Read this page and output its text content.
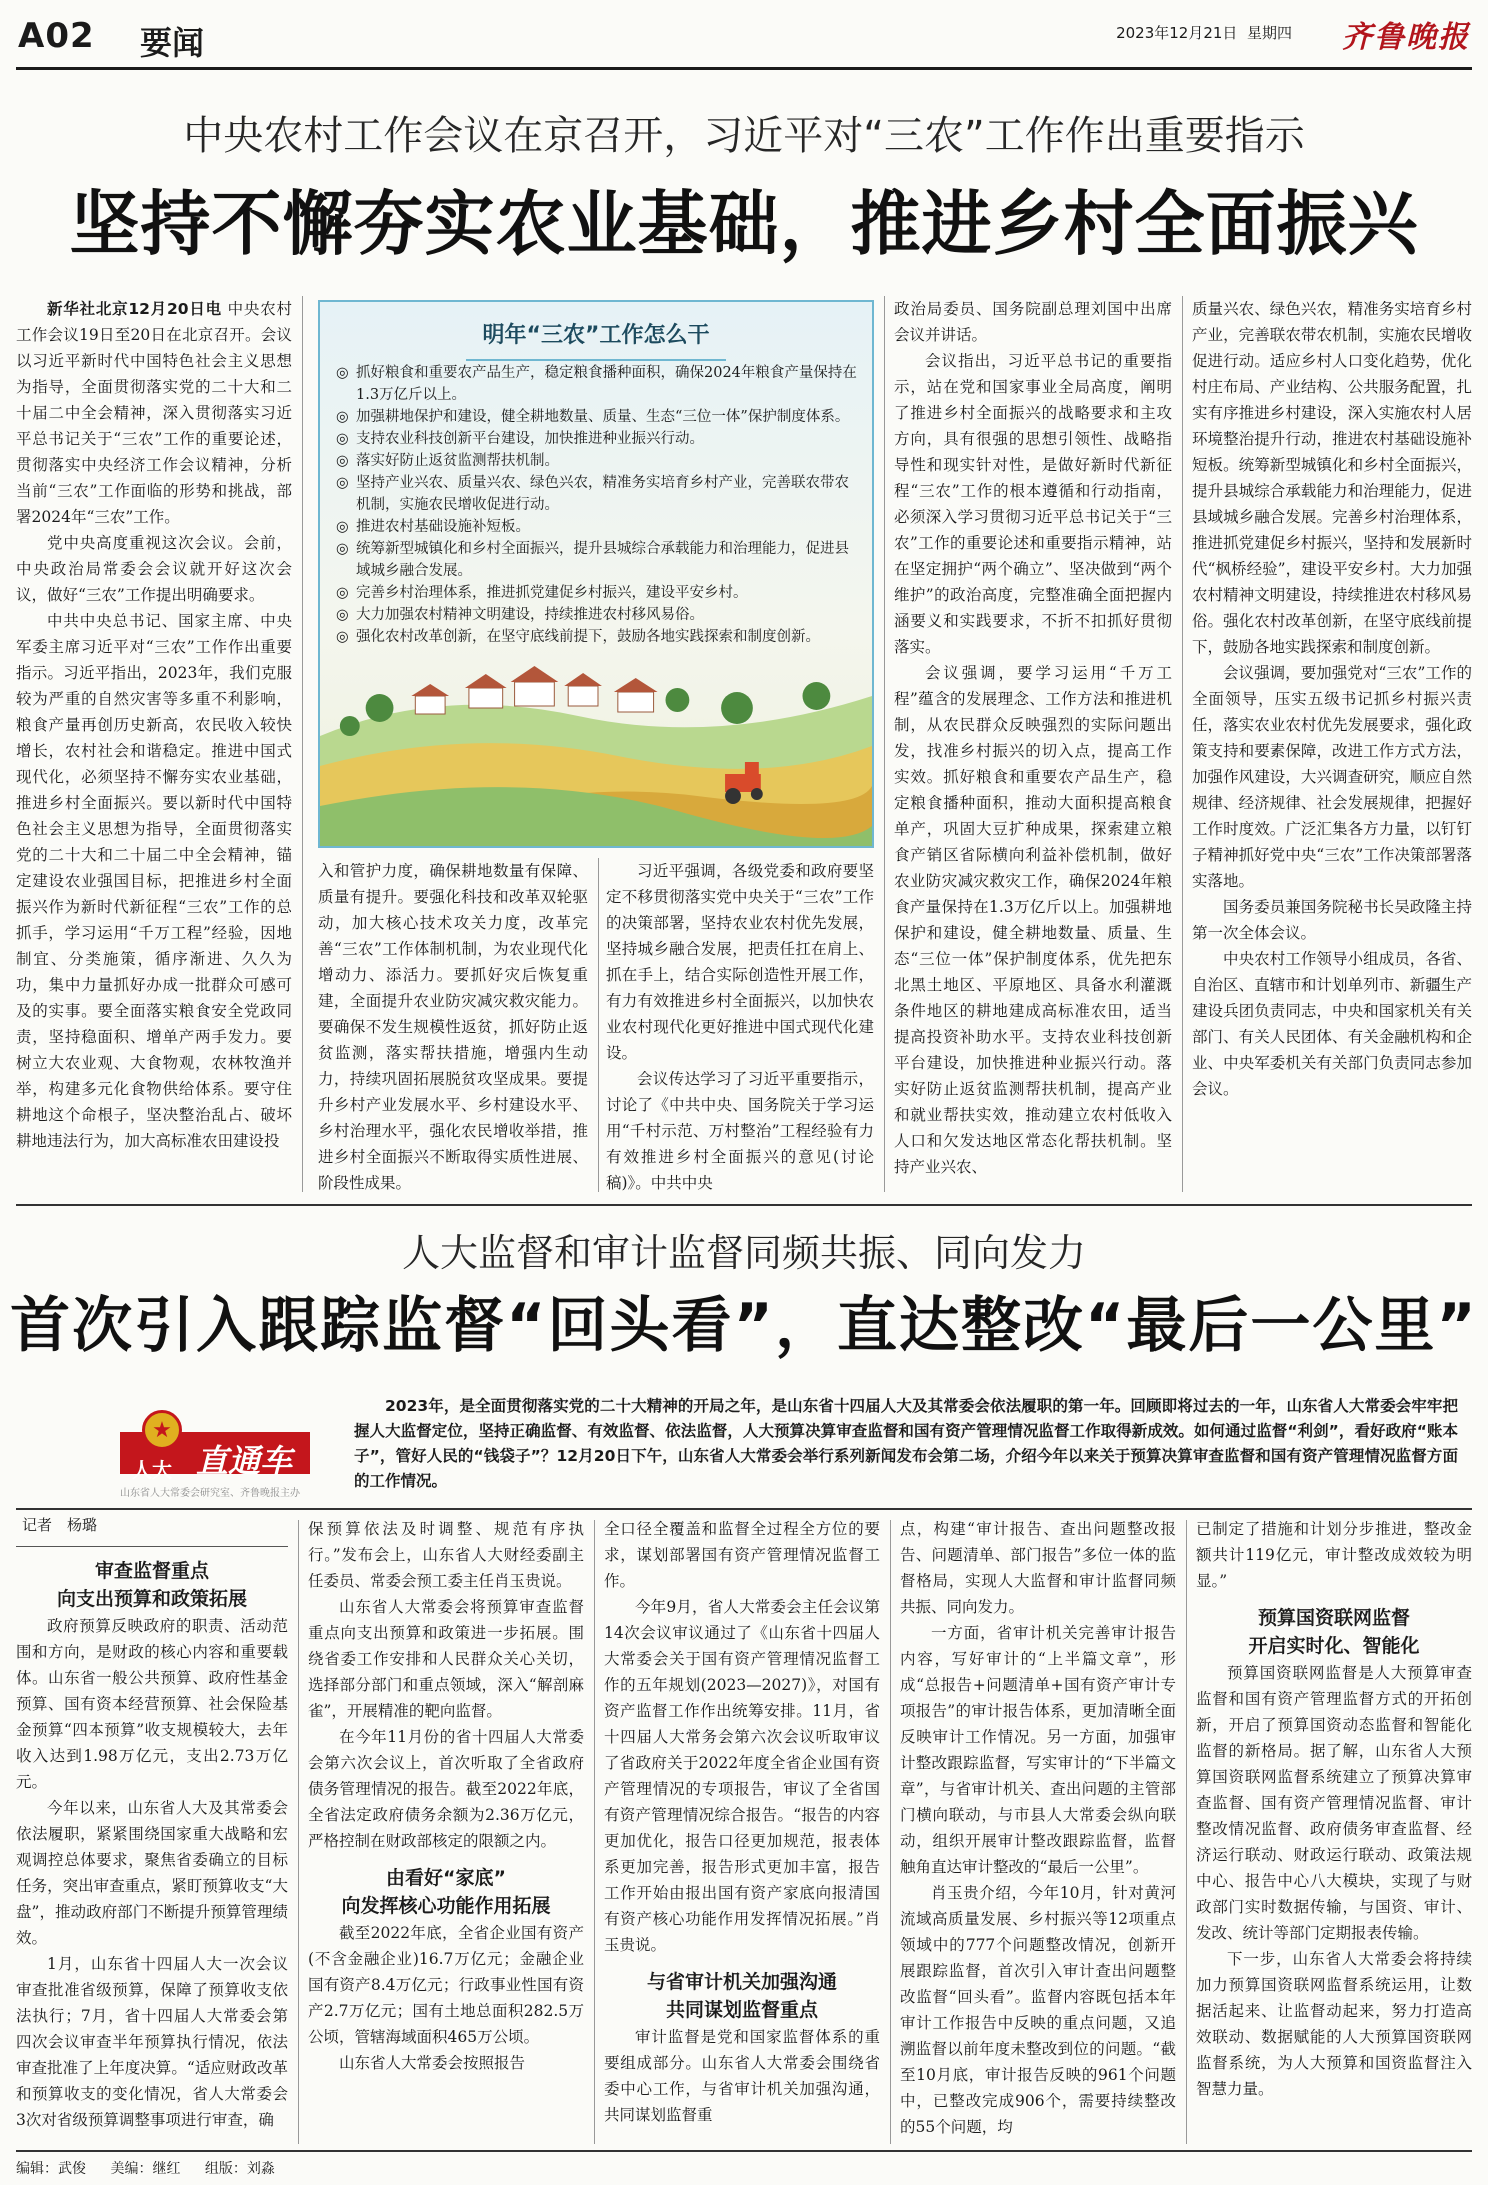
A02 要闻	2023年12月21日 星期四 齐鲁晚报
中央农村工作会议在京召开，习近平对“三农”工作作出重要指示
坚持不懈夯实农业基础，推进乡村全面振兴

新华社北京12月20日电 中央农村工作会议19日至20日在北京召开。会议以习近平新时代中国特色社会主义思想为指导，全面贯彻落实党的二十大和二十届二中全会精神，深入贯彻落实习近平总书记关于“三农”工作的重要论述，贯彻落实中央经济工作会议精神，分析当前“三农”工作面临的形势和挑战，部署2024年“三农”工作。

党中央高度重视这次会议。会前，中央政治局常委会会议就开好这次会议，做好“三农”工作提出明确要求。

中共中央总书记、国家主席、中央军委主席习近平对“三农”工作作出重要指示。习近平指出，2023年，我们克服较为严重的自然灾害等多重不利影响，粮食产量再创历史新高，农民收入较快增长，农村社会和谐稳定。推进中国式现代化，必须坚持不懈夯实农业基础，推进乡村全面振兴。要以新时代中国特色社会主义思想为指导，全面贯彻落实党的二十大和二十届二中全会精神，锚定建设农业强国目标，把推进乡村全面振兴作为新时代新征程“三农”工作的总抓手，学习运用“千万工程”经验，因地制宜、分类施策，循序渐进、久久为功，集中力量抓好办成一批群众可感可及的实事。要全面落实粮食安全党政同责，坚持稳面积、增单产两手发力。要树立大农业观、大食物观，农林牧渔并举，构建多元化食物供给体系。要守住耕地这个命根子，坚决整治乱占、破坏耕地违法行为，加大高标准农田建设投

明年“三农”工作怎么干
◎ 抓好粮食和重要农产品生产，稳定粮食播种面积，确保2024年粮食产量保持在1.3万亿斤以上。
◎ 加强耕地保护和建设，健全耕地数量、质量、生态“三位一体”保护制度体系。
◎ 支持农业科技创新平台建设，加快推进种业振兴行动。
◎ 落实好防止返贫监测帮扶机制。
◎ 坚持产业兴农、质量兴农、绿色兴农，精准务实培育乡村产业，完善联农带农机制，实施农民增收促进行动。
◎ 推进农村基础设施补短板。
◎ 统筹新型城镇化和乡村全面振兴，提升县城综合承载能力和治理能力，促进县域城乡融合发展。
◎ 完善乡村治理体系，推进抓党建促乡村振兴，建设平安乡村。
◎ 大力加强农村精神文明建设，持续推进农村移风易俗。
◎ 强化农村改革创新，在坚守底线前提下，鼓励各地实践探索和制度创新。

入和管护力度，确保耕地数量有保障、质量有提升。要强化科技和改革双轮驱动，加大核心技术攻关力度，改革完善“三农”工作体制机制，为农业现代化增动力、添活力。要抓好灾后恢复重建，全面提升农业防灾减灾救灾能力。要确保不发生规模性返贫，抓好防止返贫监测，落实帮扶措施，增强内生动力，持续巩固拓展脱贫攻坚成果。要提升乡村产业发展水平、乡村建设水平、乡村治理水平，强化农民增收举措，推进乡村全面振兴不断取得实质性进展、阶段性成果。

习近平强调，各级党委和政府要坚定不移贯彻落实党中央关于“三农”工作的决策部署，坚持农业农村优先发展，坚持城乡融合发展，把责任扛在肩上、抓在手上，结合实际创造性开展工作，有力有效推进乡村全面振兴，以加快农业农村现代化更好推进中国式现代化建设。

会议传达学习了习近平重要指示，讨论了《中共中央、国务院关于学习运用“千村示范、万村整治”工程经验有力有效推进乡村全面振兴的意见(讨论稿)》。中共中央

政治局委员、国务院副总理刘国中出席会议并讲话。

会议指出，习近平总书记的重要指示，站在党和国家事业全局高度，阐明了推进乡村全面振兴的战略要求和主攻方向，具有很强的思想引领性、战略指导性和现实针对性，是做好新时代新征程“三农”工作的根本遵循和行动指南，必须深入学习贯彻习近平总书记关于“三农”工作的重要论述和重要指示精神，站在坚定拥护“两个确立”、坚决做到“两个维护”的政治高度，完整准确全面把握内涵要义和实践要求，不折不扣抓好贯彻落实。

会议强调，要学习运用“千万工程”蕴含的发展理念、工作方法和推进机制，从农民群众反映强烈的实际问题出发，找准乡村振兴的切入点，提高工作实效。抓好粮食和重要农产品生产，稳定粮食播种面积，推动大面积提高粮食单产，巩固大豆扩种成果，探索建立粮食产销区省际横向利益补偿机制，做好农业防灾减灾救灾工作，确保2024年粮食产量保持在1.3万亿斤以上。加强耕地保护和建设，健全耕地数量、质量、生态“三位一体”保护制度体系，优先把东北黑土地区、平原地区、具备水利灌溉条件地区的耕地建成高标准农田，适当提高投资补助水平。支持农业科技创新平台建设，加快推进种业振兴行动。落实好防止返贫监测帮扶机制，提高产业和就业帮扶实效，推动建立农村低收入人口和欠发达地区常态化帮扶机制。坚持产业兴农、

质量兴农、绿色兴农，精准务实培育乡村产业，完善联农带农机制，实施农民增收促进行动。适应乡村人口变化趋势，优化村庄布局、产业结构、公共服务配置，扎实有序推进乡村建设，深入实施农村人居环境整治提升行动，推进农村基础设施补短板。统筹新型城镇化和乡村全面振兴，提升县城综合承载能力和治理能力，促进县域城乡融合发展。完善乡村治理体系，推进抓党建促乡村振兴，坚持和发展新时代“枫桥经验”，建设平安乡村。大力加强农村精神文明建设，持续推进农村移风易俗。强化农村改革创新，在坚守底线前提下，鼓励各地实践探索和制度创新。

会议强调，要加强党对“三农”工作的全面领导，压实五级书记抓乡村振兴责任，落实农业农村优先发展要求，强化政策支持和要素保障，改进工作方式方法，加强作风建设，大兴调查研究，顺应自然规律、经济规律、社会发展规律，把握好工作时度效。广泛汇集各方力量，以钉钉子精神抓好党中央“三农”工作决策部署落实落地。

国务委员兼国务院秘书长吴政隆主持第一次全体会议。

中央农村工作领导小组成员，各省、自治区、直辖市和计划单列市、新疆生产建设兵团负责同志，中央和国家机关有关部门、有关人民团体、有关金融机构和企业、中央军委机关有关部门负责同志参加会议。

人大监督和审计监督同频共振、同向发力
首次引入跟踪监督“回头看”，直达整改“最后一公里”
★
人大 直通车
山东省人大常委会研究室、齐鲁晚报主办
2023年，是全面贯彻落实党的二十大精神的开局之年，是山东省十四届人大及其常委会依法履职的第一年。回顾即将过去的一年，山东省人大常委会牢牢把握人大监督定位，坚持正确监督、有效监督、依法监督，人大预算决算审查监督和国有资产管理情况监督工作取得新成效。如何通过监督“利剑”，看好政府“账本子”，管好人民的“钱袋子”？12月20日下午，山东省人大常委会举行系列新闻发布会第二场，介绍今年以来关于预算决算审查监督和国有资产管理情况监督方面的工作情况。
记者　杨璐

审查监督重点
向支出预算和政策拓展

政府预算反映政府的职责、活动范围和方向，是财政的核心内容和重要载体。山东省一般公共预算、政府性基金预算、国有资本经营预算、社会保险基金预算“四本预算”收支规模较大，去年收入达到1.98万亿元，支出2.73万亿元。

今年以来，山东省人大及其常委会依法履职，紧紧围绕国家重大战略和宏观调控总体要求，聚焦省委确立的目标任务，突出审查重点，紧盯预算收支“大盘”，推动政府部门不断提升预算管理绩效。

1月，山东省十四届人大一次会议审查批准省级预算，保障了预算收支依法执行；7月，省十四届人大常委会第四次会议审查半年预算执行情况，依法审查批准了上年度决算。“适应财政改革和预算收支的变化情况，省人大常委会3次对省级预算调整事项进行审查，确

保预算依法及时调整、规范有序执行。”发布会上，山东省人大财经委副主任委员、常委会预工委主任肖玉贵说。

山东省人大常委会将预算审查监督重点向支出预算和政策进一步拓展。围绕省委工作安排和人民群众关心关切，选择部分部门和重点领域，深入“解剖麻雀”，开展精准的靶向监督。

在今年11月份的省十四届人大常委会第六次会议上，首次听取了全省政府债务管理情况的报告。截至2022年底，全省法定政府债务余额为2.36万亿元，严格控制在财政部核定的限额之内。

由看好“家底”
向发挥核心功能作用拓展

截至2022年底，全省企业国有资产(不含金融企业)16.7万亿元；金融企业国有资产8.4万亿元；行政事业性国有资产2.7万亿元；国有土地总面积282.5万公顷，管辖海域面积465万公顷。

山东省人大常委会按照报告

全口径全覆盖和监督全过程全方位的要求，谋划部署国有资产管理情况监督工作。

今年9月，省人大常委会主任会议第14次会议审议通过了《山东省十四届人大常委会关于国有资产管理情况监督工作的五年规划(2023—2027)》，对国有资产监督工作作出统筹安排。11月，省十四届人大常务会第六次会议听取审议了省政府关于2022年度全省企业国有资产管理情况的专项报告，审议了全省国有资产管理情况综合报告。“报告的内容更加优化，报告口径更加规范，报表体系更加完善，报告形式更加丰富，报告工作开始由报出国有资产家底向报清国有资产核心功能作用发挥情况拓展。”肖玉贵说。

与省审计机关加强沟通
共同谋划监督重点

审计监督是党和国家监督体系的重要组成部分。山东省人大常委会围绕省委中心工作，与省审计机关加强沟通，共同谋划监督重

点，构建“审计报告、查出问题整改报告、问题清单、部门报告”多位一体的监督格局，实现人大监督和审计监督同频共振、同向发力。

一方面，省审计机关完善审计报告内容，写好审计的“上半篇文章”，形成“总报告+问题清单+国有资产审计专项报告”的审计报告体系，更加清晰全面反映审计工作情况。另一方面，加强审计整改跟踪监督，写实审计的“下半篇文章”，与省审计机关、查出问题的主管部门横向联动，与市县人大常委会纵向联动，组织开展审计整改跟踪监督，监督触角直达审计整改的“最后一公里”。

肖玉贵介绍，今年10月，针对黄河流域高质量发展、乡村振兴等12项重点领域中的777个问题整改情况，创新开展跟踪监督，首次引入审计查出问题整改监督“回头看”。监督内容既包括本年审计工作报告中反映的重点问题，又追溯监督以前年度未整改到位的问题。“截至10月底，审计报告反映的961个问题中，已整改完成906个，需要持续整改的55个问题，均

已制定了措施和计划分步推进，整改金额共计119亿元，审计整改成效较为明显。”

预算国资联网监督
开启实时化、智能化

预算国资联网监督是人大预算审查监督和国有资产管理监督方式的开拓创新，开启了预算国资动态监督和智能化监督的新格局。据了解，山东省人大预算国资联网监督系统建立了预算决算审查监督、国有资产管理情况监督、审计整改情况监督、政府债务审查监督、经济运行联动、财政运行联动、政策法规中心、报告中心八大模块，实现了与财政部门实时数据传输，与国资、审计、发改、统计等部门定期报表传输。

下一步，山东省人大常委会将持续加力预算国资联网监督系统运用，让数据活起来、让监督动起来，努力打造高效联动、数据赋能的人大预算国资联网监督系统，为人大预算和国资监督注入智慧力量。

编辑：武俊 美编：继红 组版：刘淼
